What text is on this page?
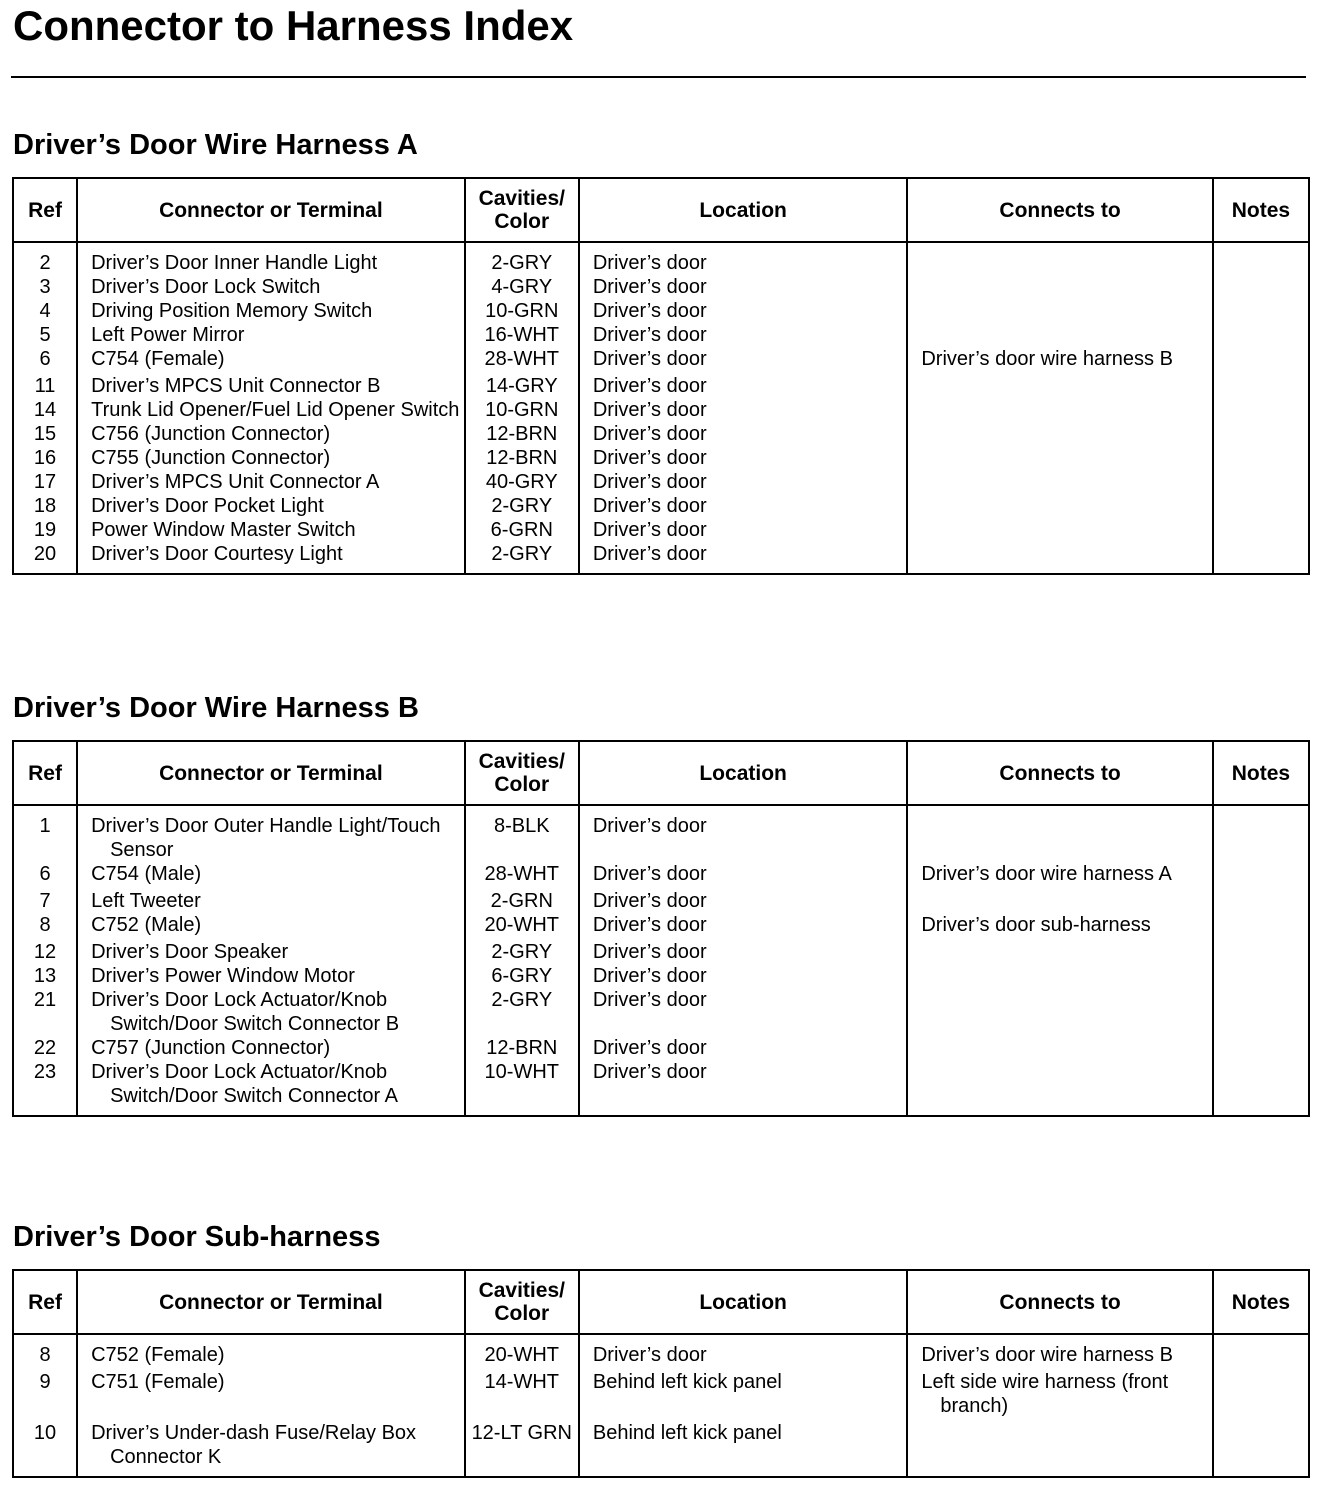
Connector to Harness Index
Driver’s Door Wire Harness A
Ref	Connector or Terminal	Cavities/ Color	Location	Connects to	Notes

2	Driver’s Door Inner Handle Light	2-GRY	Driver’s door		

3	Driver’s Door Lock Switch	4-GRY	Driver’s door		

4	Driving Position Memory Switch	10-GRN	Driver’s door		

5	Left Power Mirror	16-WHT	Driver’s door		

6	C754 (Female)	28-WHT	Driver’s door	Driver’s door wire harness B	

11	Driver’s MPCS Unit Connector B	14-GRY	Driver’s door		

14	Trunk Lid Opener/Fuel Lid Opener Switch	10-GRN	Driver’s door		

15	C756 (Junction Connector)	12-BRN	Driver’s door		

16	C755 (Junction Connector)	12-BRN	Driver’s door		

17	Driver’s MPCS Unit Connector A	40-GRY	Driver’s door		

18	Driver’s Door Pocket Light	2-GRY	Driver’s door		

19	Power Window Master Switch	6-GRN	Driver’s door		

20	Driver’s Door Courtesy Light	2-GRY	Driver’s door		

Driver’s Door Wire Harness B
Ref	Connector or Terminal	Cavities/ Color	Location	Connects to	Notes

1	Driver’s Door Outer Handle Light/Touch Sensor	8-BLK	Driver’s door		

6	C754 (Male)	28-WHT	Driver’s door	Driver’s door wire harness A	

7	Left Tweeter	2-GRN	Driver’s door		

8	C752 (Male)	20-WHT	Driver’s door	Driver’s door sub-harness	

12	Driver’s Door Speaker	2-GRY	Driver’s door		

13	Driver’s Power Window Motor	6-GRY	Driver’s door		

21	Driver’s Door Lock Actuator/Knob Switch/Door Switch Connector B	2-GRY	Driver’s door		

22	C757 (Junction Connector)	12-BRN	Driver’s door		

23	Driver’s Door Lock Actuator/Knob Switch/Door Switch Connector A	10-WHT	Driver’s door		

Driver’s Door Sub-harness
Ref	Connector or Terminal	Cavities/ Color	Location	Connects to	Notes

8	C752 (Female)	20-WHT	Driver’s door	Driver’s door wire harness B	

9	C751 (Female)	14-WHT	Behind left kick panel	Left side wire harness (front branch)	

10	Driver’s Under-dash Fuse/Relay Box Connector K	12-LT GRN	Behind left kick panel		
